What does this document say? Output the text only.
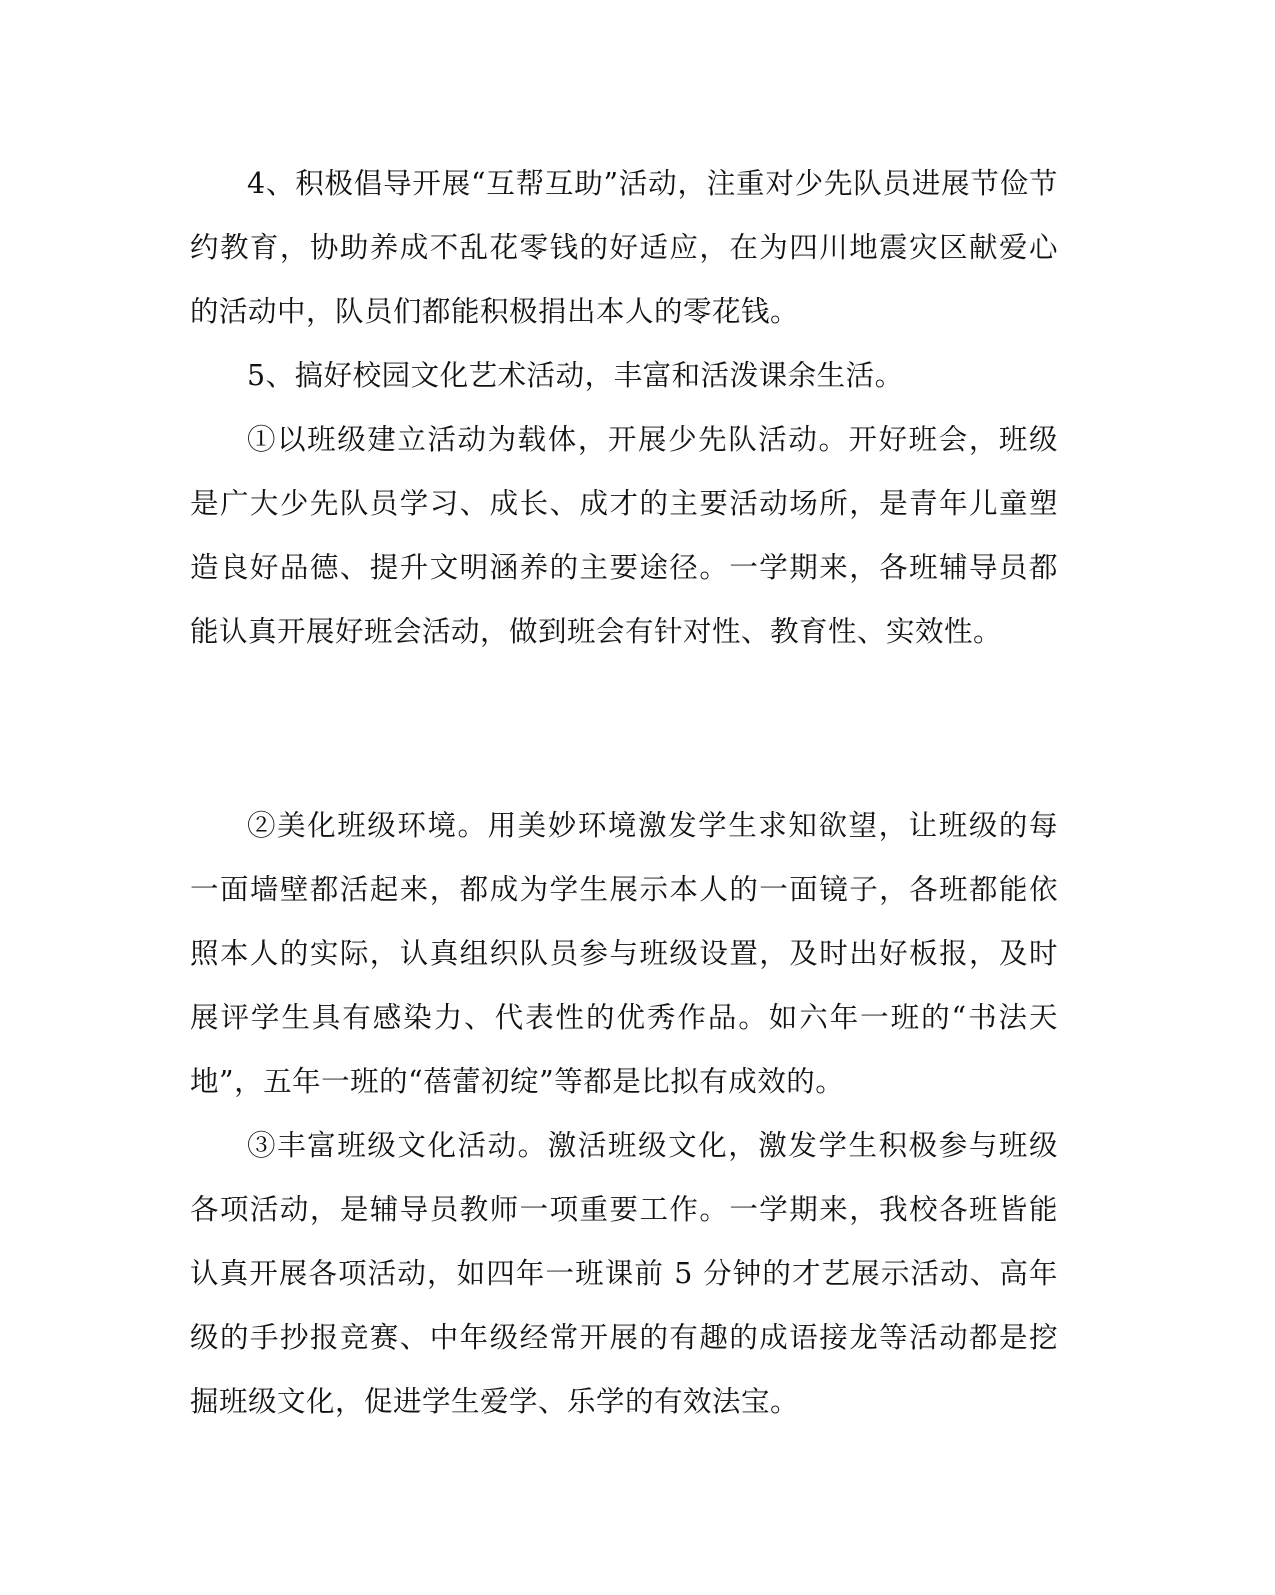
4、积极倡导开展“互帮互助”活动，注重对少先队员进展节俭节约教育，协助养成不乱花零钱的好适应，在为四川地震灾区献爱心的活动中，队员们都能积极捐出本人的零花钱。

5、搞好校园文化艺术活动，丰富和活泼课余生活。

①以班级建立活动为载体，开展少先队活动。开好班会，班级是广大少先队员学习、成长、成才的主要活动场所，是青年儿童塑造良好品德、提升文明涵养的主要途径。一学期来，各班辅导员都能认真开展好班会活动，做到班会有针对性、教育性、实效性。

②美化班级环境。用美妙环境激发学生求知欲望，让班级的每一面墙壁都活起来，都成为学生展示本人的一面镜子，各班都能依照本人的实际，认真组织队员参与班级设置，及时出好板报，及时展评学生具有感染力、代表性的优秀作品。如六年一班的“书法天地”，五年一班的“蓓蕾初绽”等都是比拟有成效的。

③丰富班级文化活动。激活班级文化，激发学生积极参与班级各项活动，是辅导员教师一项重要工作。一学期来，我校各班皆能认真开展各项活动，如四年一班课前 5 分钟的才艺展示活动、高年级的手抄报竞赛、中年级经常开展的有趣的成语接龙等活动都是挖掘班级文化，促进学生爱学、乐学的有效法宝。
